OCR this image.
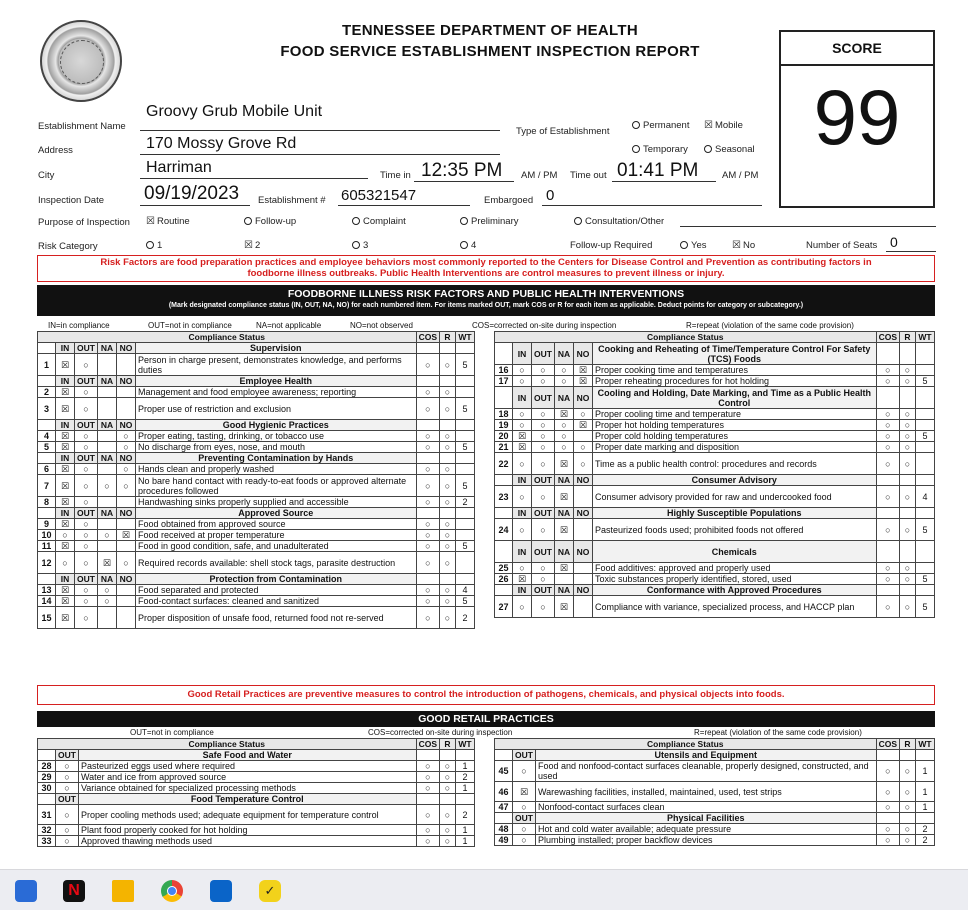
TENNESSEE DEPARTMENT OF HEALTH
FOOD SERVICE ESTABLISHMENT INSPECTION REPORT	SCORE
99
Establishment Name
Groovy Grub Mobile Unit
Address	170 Mossy Grove Rd
City	Harriman	Time in 12:35 PM AM / PM Time out 01:41 PM AM / PM
Inspection Date 09/19/2023 Establishment # 605321547	Embargoed 0
Type of Establishment
Permanent ☒ Mobile
Temporary	Seasonal
Purpose of Inspection ☒ Routine	Follow-up	Complaint	Preliminary	Consultation/Other
Risk Category	1	☒ 2	3	4	Follow-up Required	Yes	☒ No	Number of Seats 0
Risk Factors are food preparation practices and employee behaviors most commonly reported to the Centers for Disease Control and Prevention as contributing factors in foodborne illness outbreaks. Public Health Interventions are control measures to prevent illness or injury.
FOODBORNE ILLNESS RISK FACTORS AND PUBLIC HEALTH INTERVENTIONS
(Mark designated compliance status (IN, OUT, NA, NO) for each numbered item. For items marked OUT, mark COS or R for each item as applicable. Deduct points for category or subcategory.)
IN=in compliance	OUT=not in compliance	NA=not applicable	NO=not observed	COS=corrected on-site during inspection	R=repeat (violation of the same code provision)
Compliance Status						COS	R	WT
	IN	OUT	NA	NO	Supervision			
1	☒	○			Person in charge present, demonstrates knowledge, and performs duties	○	○	5
	IN	OUT	NA	NO	Employee Health			
2	☒	○			Management and food employee awareness; reporting	○	○	
3	☒	○			Proper use of restriction and exclusion	○	○	5
	IN	OUT	NA	NO	Good Hygienic Practices			
4	☒	○		○	Proper eating, tasting, drinking, or tobacco use	○	○	
5	☒	○		○	No discharge from eyes, nose, and mouth	○	○	5
	IN	OUT	NA	NO	Preventing Contamination by Hands			
6	☒	○		○	Hands clean and properly washed	○	○	
7	☒	○	○	○	No bare hand contact with ready-to-eat foods or approved alternate procedures followed	○	○	5
8	☒	○			Handwashing sinks properly supplied and accessible	○	○	2
	IN	OUT	NA	NO	Approved Source			
9	☒	○			Food obtained from approved source	○	○	
10	○	○	○	☒	Food received at proper temperature	○	○	
11	☒	○			Food in good condition, safe, and unadulterated	○	○	5
12	○	○	☒	○	Required records available: shell stock tags, parasite destruction	○	○	
	IN	OUT	NA	NO	Protection from Contamination			
13	☒	○	○		Food separated and protected	○	○	4
14	☒	○	○		Food-contact surfaces: cleaned and sanitized	○	○	5
15	☒	○			Proper disposition of unsafe food, returned food not re-served	○	○	2
Compliance Status						COS	R	WT
	IN	OUT	NA	NO	Cooking and Reheating of Time/Temperature Control For Safety (TCS) Foods			
16	○	○	○	☒	Proper cooking time and temperatures	○	○	
17	○	○	○	☒	Proper reheating procedures for hot holding	○	○	5
	IN	OUT	NA	NO	Cooling and Holding, Date Marking, and Time as a Public Health Control			
18	○	○	☒	○	Proper cooling time and temperature	○	○	
19	○	○	○	☒	Proper hot holding temperatures	○	○	
20	☒	○	○		Proper cold holding temperatures	○	○	5
21	☒	○	○	○	Proper date marking and disposition	○	○	
22	○	○	☒	○	Time as a public health control: procedures and records	○	○	
	IN	OUT	NA	NO	Consumer Advisory			
23	○	○	☒		Consumer advisory provided for raw and undercooked food	○	○	4
	IN	OUT	NA	NO	Highly Susceptible Populations			
24	○	○	☒		Pasteurized foods used; prohibited foods not offered	○	○	5
	IN	OUT	NA	NO	Chemicals			
25	○	○	☒		Food additives: approved and properly used	○	○	
26	☒	○			Toxic substances properly identified, stored, used	○	○	5
	IN	OUT	NA	NO	Conformance with Approved Procedures			
27	○	○	☒		Compliance with variance, specialized process, and HACCP plan	○	○	5
Good Retail Practices are preventive measures to control the introduction of pathogens, chemicals, and physical objects into foods.
GOOD RETAIL PRACTICES
OUT=not in compliance	COS=corrected on-site during inspection	R=repeat (violation of the same code provision)
Compliance Status			COS	R	WT
	OUT	Safe Food and Water			
28	○	Pasteurized eggs used where required	○	○	1
29	○	Water and ice from approved source	○	○	2
30	○	Variance obtained for specialized processing methods	○	○	1
	OUT	Food Temperature Control			
31	○	Proper cooling methods used; adequate equipment for temperature control	○	○	2
32	○	Plant food properly cooked for hot holding	○	○	1
33	○	Approved thawing methods used	○	○	1
Compliance Status			COS	R	WT
	OUT	Utensils and Equipment			
45	○	Food and nonfood-contact surfaces cleanable, properly designed, constructed, and used	○	○	1
46	☒	Warewashing facilities, installed, maintained, used, test strips	○	○	1
47	○	Nonfood-contact surfaces clean	○	○	1
	OUT	Physical Facilities			
48	○	Hot and cold water available; adequate pressure	○	○	2
49	○	Plumbing installed; proper backflow devices	○	○	2
N	✓
